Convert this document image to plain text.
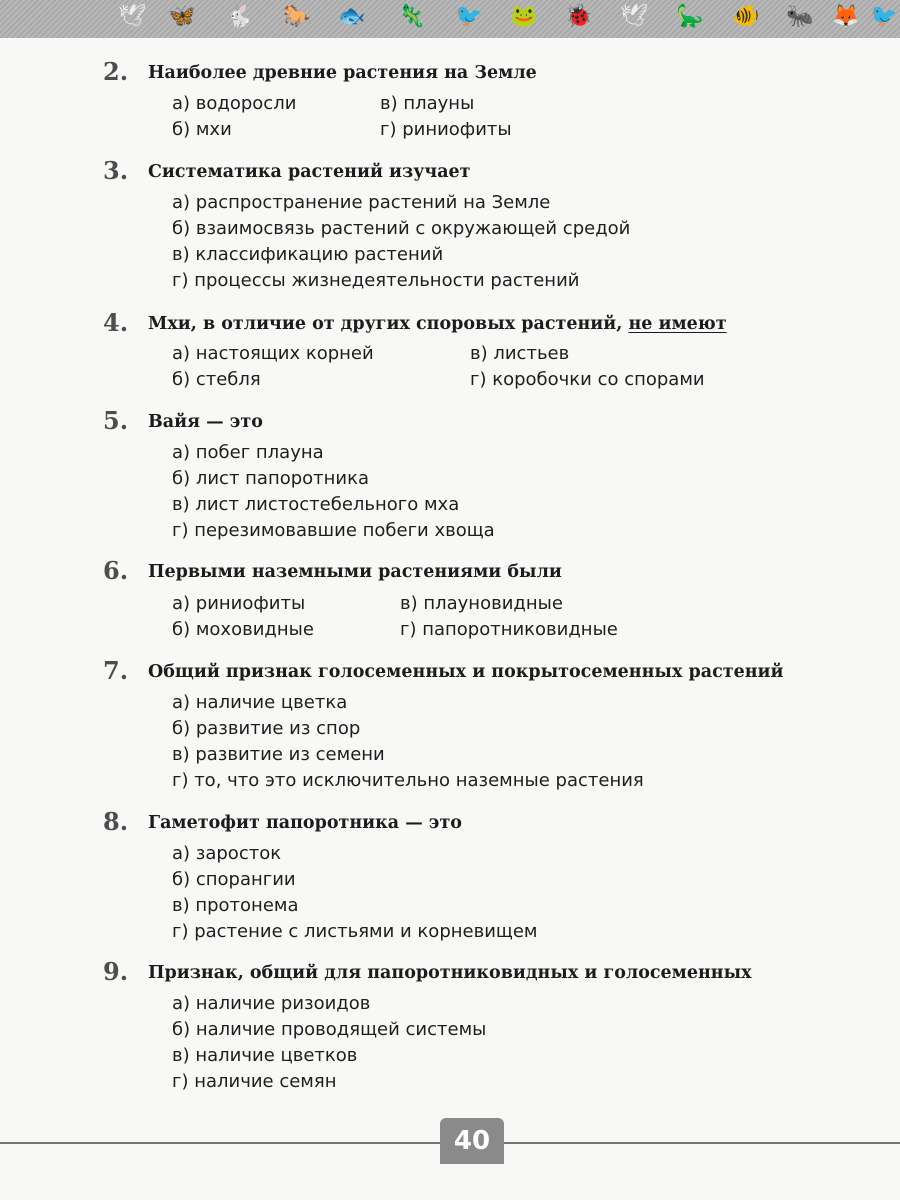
🕊 🦋 🐇 🐎 🐟 🦎 🐦 🐸 🐞 🕊 🦕 🐠 🐜 🦊 🐦
2. Наиболее древние растения на Земле
а) водоросли
б) мхи
в) плауны
г) риниофиты
3. Систематика растений изучает
а) распространение растений на Земле
б) взаимосвязь растений с окружающей средой
в) классификацию растений
г) процессы жизнедеятельности растений
4. Мхи, в отличие от других споровых растений, не имеют
а) настоящих корней
б) стебля
в) листьев
г) коробочки со спорами
5. Вайя — это
а) побег плауна
б) лист папоротника
в) лист листостебельного мха
г) перезимовавшие побеги хвоща
6. Первыми наземными растениями были
а) риниофиты
б) моховидные
в) плауновидные
г) папоротниковидные
7. Общий признак голосеменных и покрытосеменных растений
а) наличие цветка
б) развитие из спор
в) развитие из семени
г) то, что это исключительно наземные растения
8. Гаметофит папоротника — это
а) заросток
б) спорангии
в) протонема
г) растение с листьями и корневищем
9. Признак, общий для папоротниковидных и голосеменных
а) наличие ризоидов
б) наличие проводящей системы
в) наличие цветков
г) наличие семян
40
